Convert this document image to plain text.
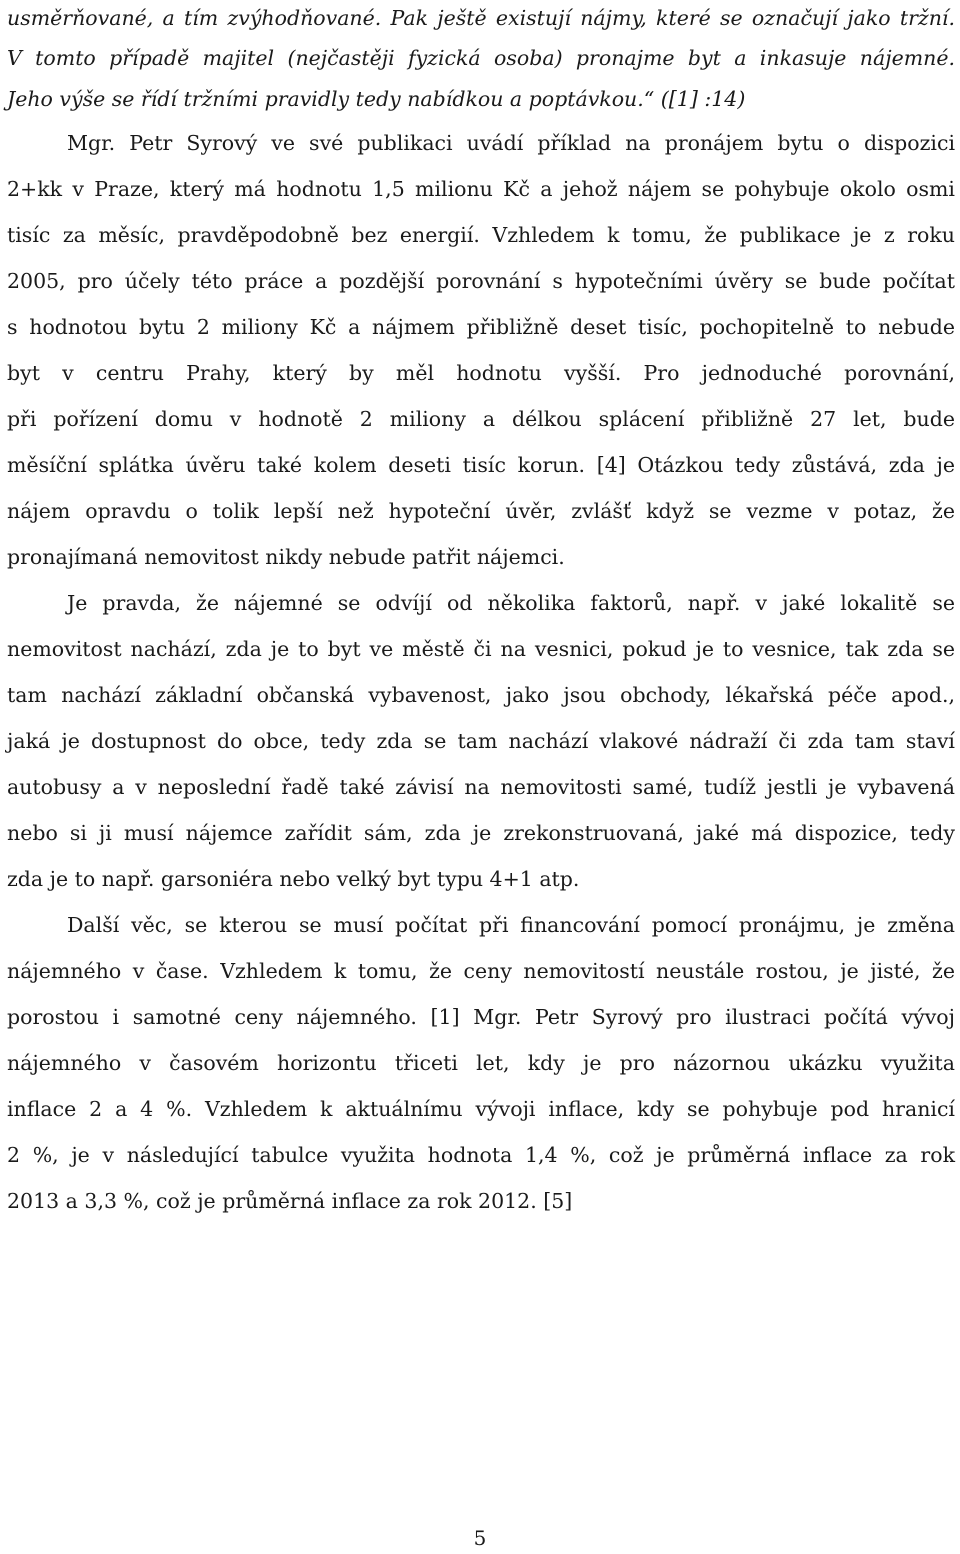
usměrňované, a tím zvýhodňované. Pak ještě existují nájmy, které se označují jako tržní.
V tomto případě majitel (nejčastěji fyzická osoba) pronajme byt a inkasuje nájemné.
Jeho výše se řídí tržními pravidly tedy nabídkou a poptávkou.“ ([1] :14)
Mgr. Petr Syrový ve své publikaci uvádí příklad na pronájem bytu o dispozici
2+kk v Praze, který má hodnotu 1,5 milionu Kč a jehož nájem se pohybuje okolo osmi
tisíc za měsíc, pravděpodobně bez energií. Vzhledem k tomu, že publikace je z roku
2005, pro účely této práce a pozdější porovnání s hypotečními úvěry se bude počítat
s hodnotou bytu 2 miliony Kč a nájmem přibližně deset tisíc, pochopitelně to nebude
byt v centru Prahy, který by měl hodnotu vyšší. Pro jednoduché porovnání,
při pořízení domu v hodnotě 2 miliony a délkou splácení přibližně 27 let, bude
měsíční splátka úvěru také kolem deseti tisíc korun. [4] Otázkou tedy zůstává, zda je
nájem opravdu o tolik lepší než hypoteční úvěr, zvlášť když se vezme v potaz, že
pronajímaná nemovitost nikdy nebude patřit nájemci.
Je pravda, že nájemné se odvíjí od několika faktorů, např. v jaké lokalitě se
nemovitost nachází, zda je to byt ve městě či na vesnici, pokud je to vesnice, tak zda se
tam nachází základní občanská vybavenost, jako jsou obchody, lékařská péče apod.,
jaká je dostupnost do obce, tedy zda se tam nachází vlakové nádraží či zda tam staví
autobusy a v neposlední řadě také závisí na nemovitosti samé, tudíž jestli je vybavená
nebo si ji musí nájemce zařídit sám, zda je zrekonstruovaná, jaké má dispozice, tedy
zda je to např. garsoniéra nebo velký byt typu 4+1 atp.
Další věc, se kterou se musí počítat při financování pomocí pronájmu, je změna
nájemného v čase. Vzhledem k tomu, že ceny nemovitostí neustále rostou, je jisté, že
porostou i samotné ceny nájemného. [1] Mgr. Petr Syrový pro ilustraci počítá vývoj
nájemného v časovém horizontu třiceti let, kdy je pro názornou ukázku využita
inflace 2 a 4 %. Vzhledem k aktuálnímu vývoji inflace, kdy se pohybuje pod hranicí
2 %, je v následující tabulce využita hodnota 1,4 %, což je průměrná inflace za rok
2013 a 3,3 %, což je průměrná inflace za rok 2012. [5]
5
